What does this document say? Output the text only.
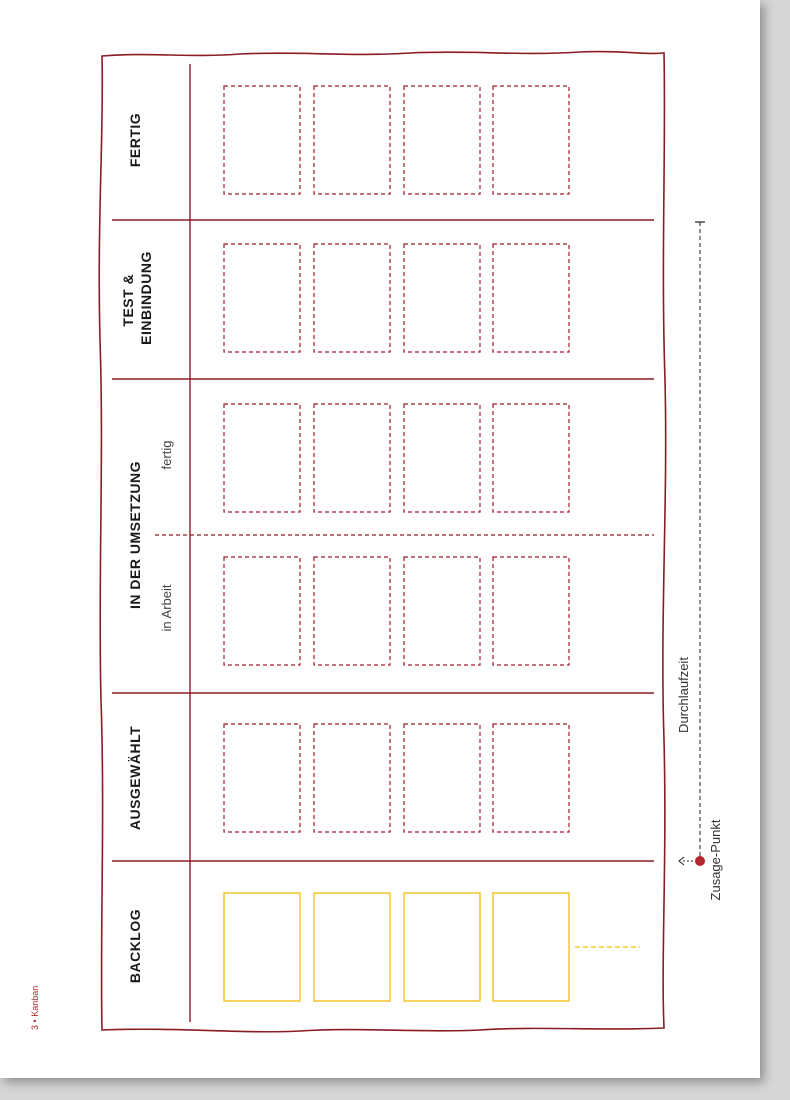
3 • Kanban
FERTIG
TEST & EINBINDUNG
IN DER UMSETZUNG in Arbeit
fertig
AUSGEWÄHLT
BACKLOG
Durchlaufzeit
Zusage-Punkt
